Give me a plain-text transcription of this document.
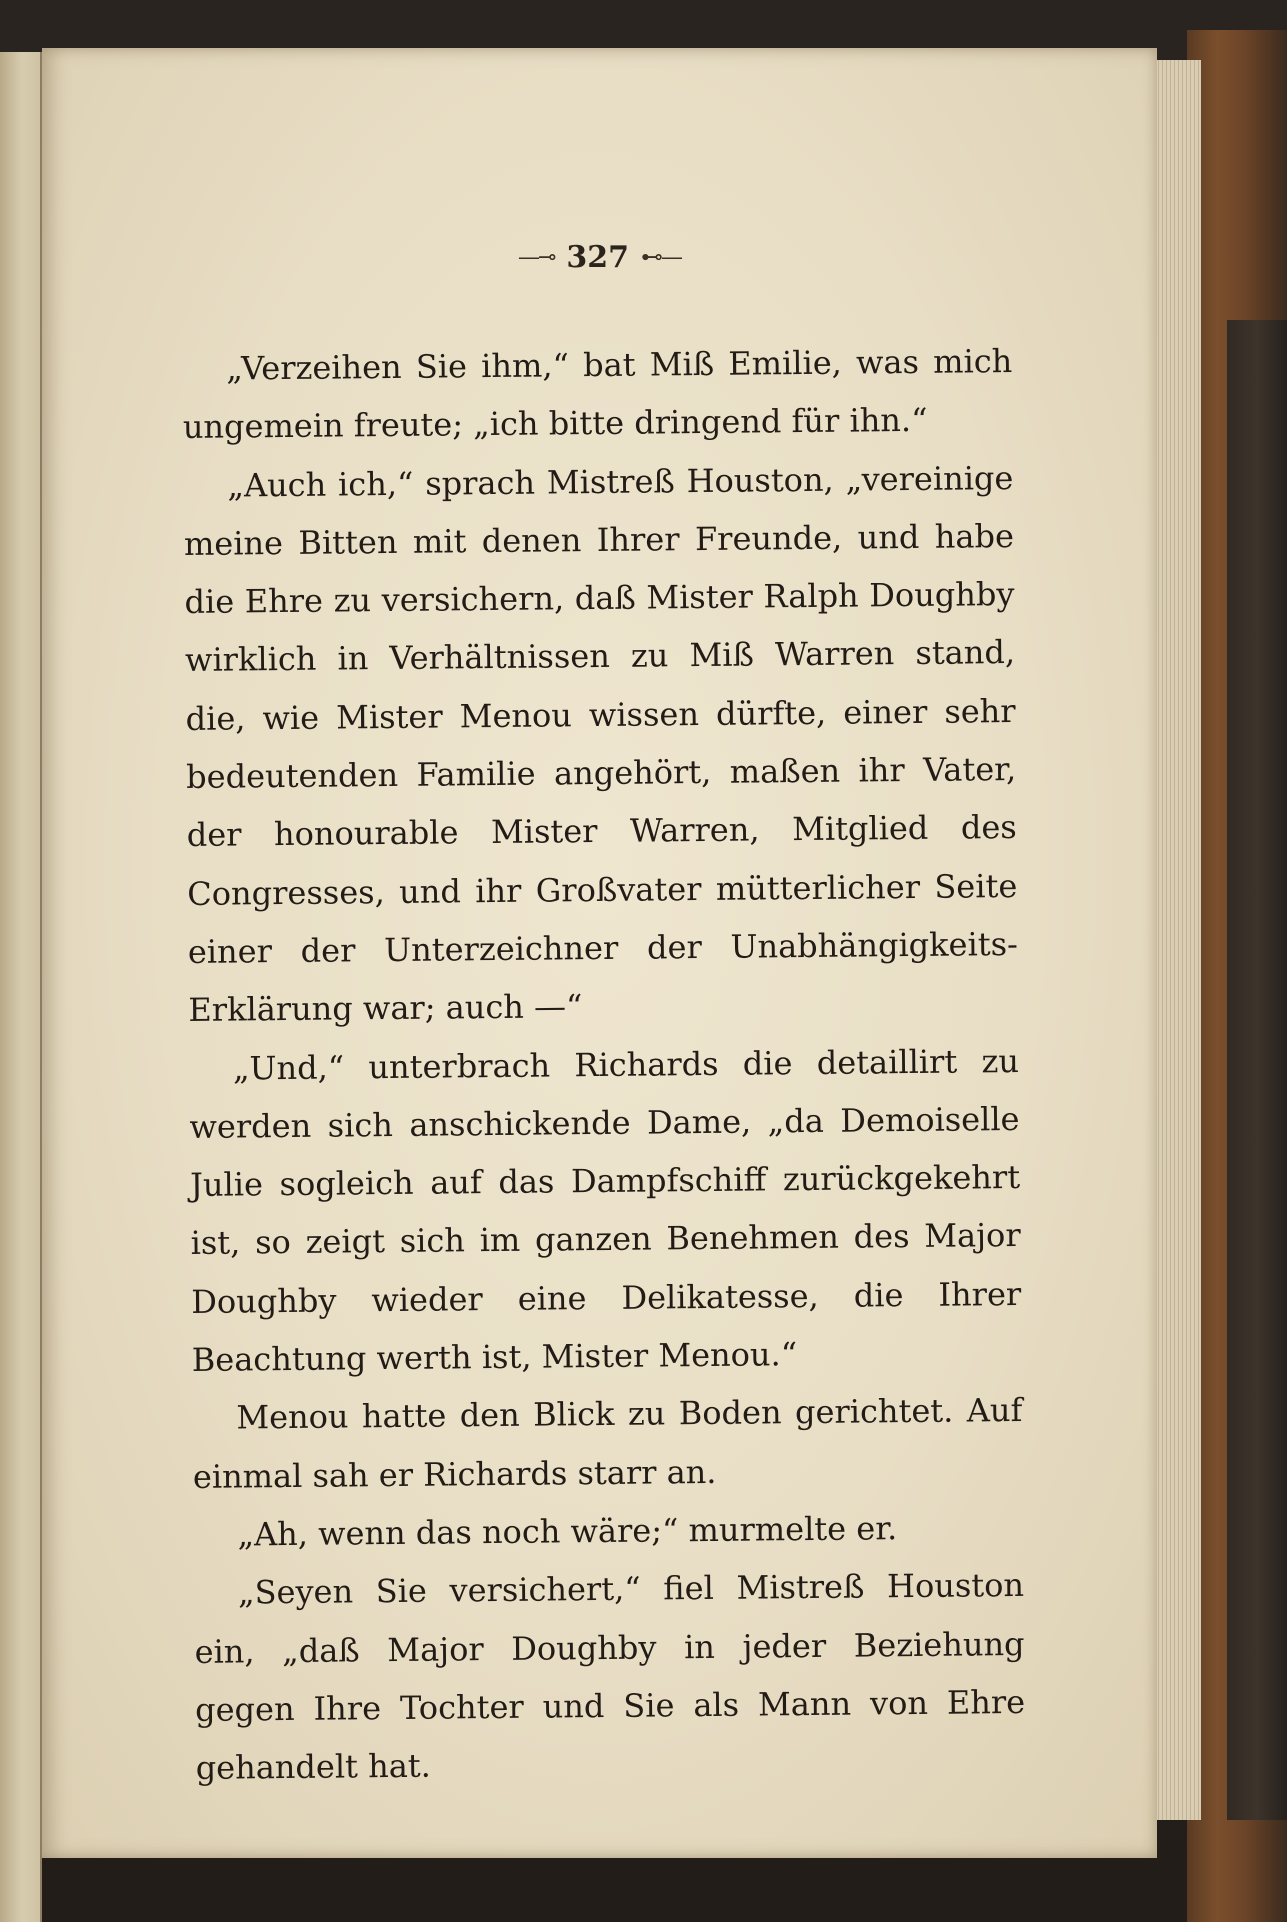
—⊸ 327 ⊷—

„Verzeihen Sie ihm,“ bat Miß Emilie, was mich ungemein freute; „ich bitte dringend für ihn.“

„Auch ich,“ sprach Mistreß Houston, „vereinige meine Bitten mit denen Ihrer Freunde, und habe die Ehre zu versichern, daß Mister Ralph Doughby wirklich in Verhältnissen zu Miß Warren stand, die, wie Mister Menou wissen dürfte, einer sehr bedeutenden Familie angehört, maßen ihr Vater, der honourable Mister Warren, Mitglied des Congresses, und ihr Großvater mütterlicher Seite einer der Unterzeichner der Unabhängigkeits-Erklärung war; auch —“

„Und,“ unterbrach Richards die detaillirt zu werden sich anschickende Dame, „da Demoiselle Julie sogleich auf das Dampfschiff zurückgekehrt ist, so zeigt sich im ganzen Benehmen des Major Doughby wieder eine Delikatesse, die Ihrer Beachtung werth ist, Mister Menou.“

Menou hatte den Blick zu Boden gerichtet. Auf einmal sah er Richards starr an.

„Ah, wenn das noch wäre;“ murmelte er.

„Seyen Sie versichert,“ fiel Mistreß Houston ein, „daß Major Doughby in jeder Beziehung gegen Ihre Tochter und Sie als Mann von Ehre gehandelt hat.
